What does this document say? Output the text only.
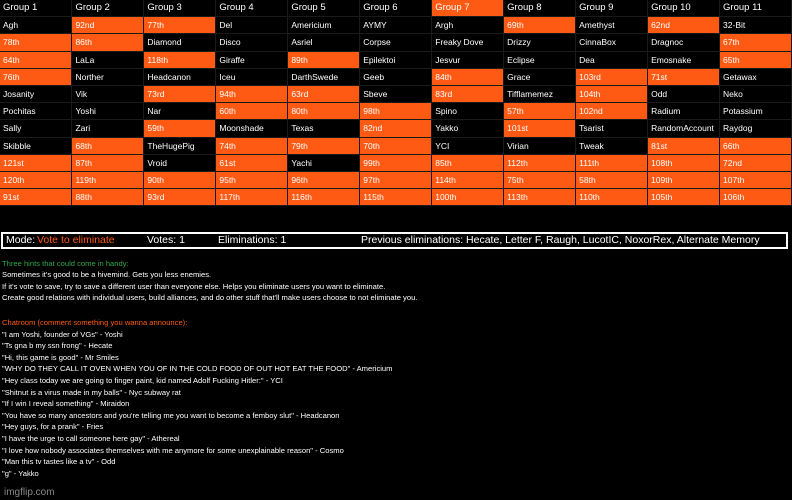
Group 1	Group 2	Group 3	Group 4	Group 5	Group 6	Group 7	Group 8	Group 9	Group 10	Group 11
Agh	92nd	77th	Del	Americium	AYMY	Argh	69th	Amethyst	62nd	32-Bit
78th	86th	Diamond	Disco	Asriel	Corpse	Freaky Dove	Drizzy	CinnaBox	Dragnoc	67th
64th	LaLa	118th	Giraffe	89th	Epilektoi	Jesvur	Eclipse	Dea	Emosnake	65th
76th	Norther	Headcanon	Iceu	DarthSwede	Geeb	84th	Grace	103rd	71st	Getawax
Josanity	Vik	73rd	94th	63rd	Sbeve	83rd	Tifflamemez	104th	Odd	Neko
Pochitas	Yoshi	Nar	60th	80th	98th	Spino	57th	102nd	Radium	Potassium
Sally	Zari	59th	Moonshade	Texas	82nd	Yakko	101st	Tsarist	RandomAccount	Raydog
Skibble	68th	TheHugePig	74th	79th	70th	YCI	Virian	Tweak	81st	66th
121st	87th	Vroid	61st	Yachi	99th	85th	112th	111th	108th	72nd
120th	119th	90th	95th	96th	97th	114th	75th	58th	109th	107th
91st	88th	93rd	117th	116th	115th	100th	113th	110th	105th	106th
Mode: Vote to eliminate	Votes: 1	Eliminations: 1	Previous eliminations: Hecate, Letter F, Raugh, LucotIC, NoxorRex, Alternate Memory
Three hints that could come in handy:
Sometimes it's good to be a hivemind. Gets you less enemies.
If it's vote to save, try to save a different user than everyone else. Helps you eliminate users you want to eliminate.
Create good relations with individual users, build alliances, and do other stuff that'll make users choose to not eliminate you.
Chatroom (comment something you wanna announce):
"I am Yoshi, founder of VGs" - Yoshi
"Ts gna b my ssn frong" - Hecate
"Hi, this game is good" - Mr Smiles
"WHY DO THEY CALL IT OVEN WHEN YOU OF IN THE COLD FOOD OF OUT HOT EAT THE FOOD" - Americium
"Hey class today we are going to finger paint, kid named Adolf Fucking Hitler:" - YCI
"Shitnut is a virus made in my balls" - Nyc subway rat
"If I win I reveal something" - Miraidon
"You have so many ancestors and you're telling me you want to become a femboy slut" - Headcanon
"Hey guys, for a prank" - Fries
"I have the urge to call someone here gay" - Athereal
"I love how nobody associates themselves with me anymore for some unexplainable reason" - Cosmo
"Man this tv tastes like a tv" - Odd
"g" - Yakko
imgflip.com
